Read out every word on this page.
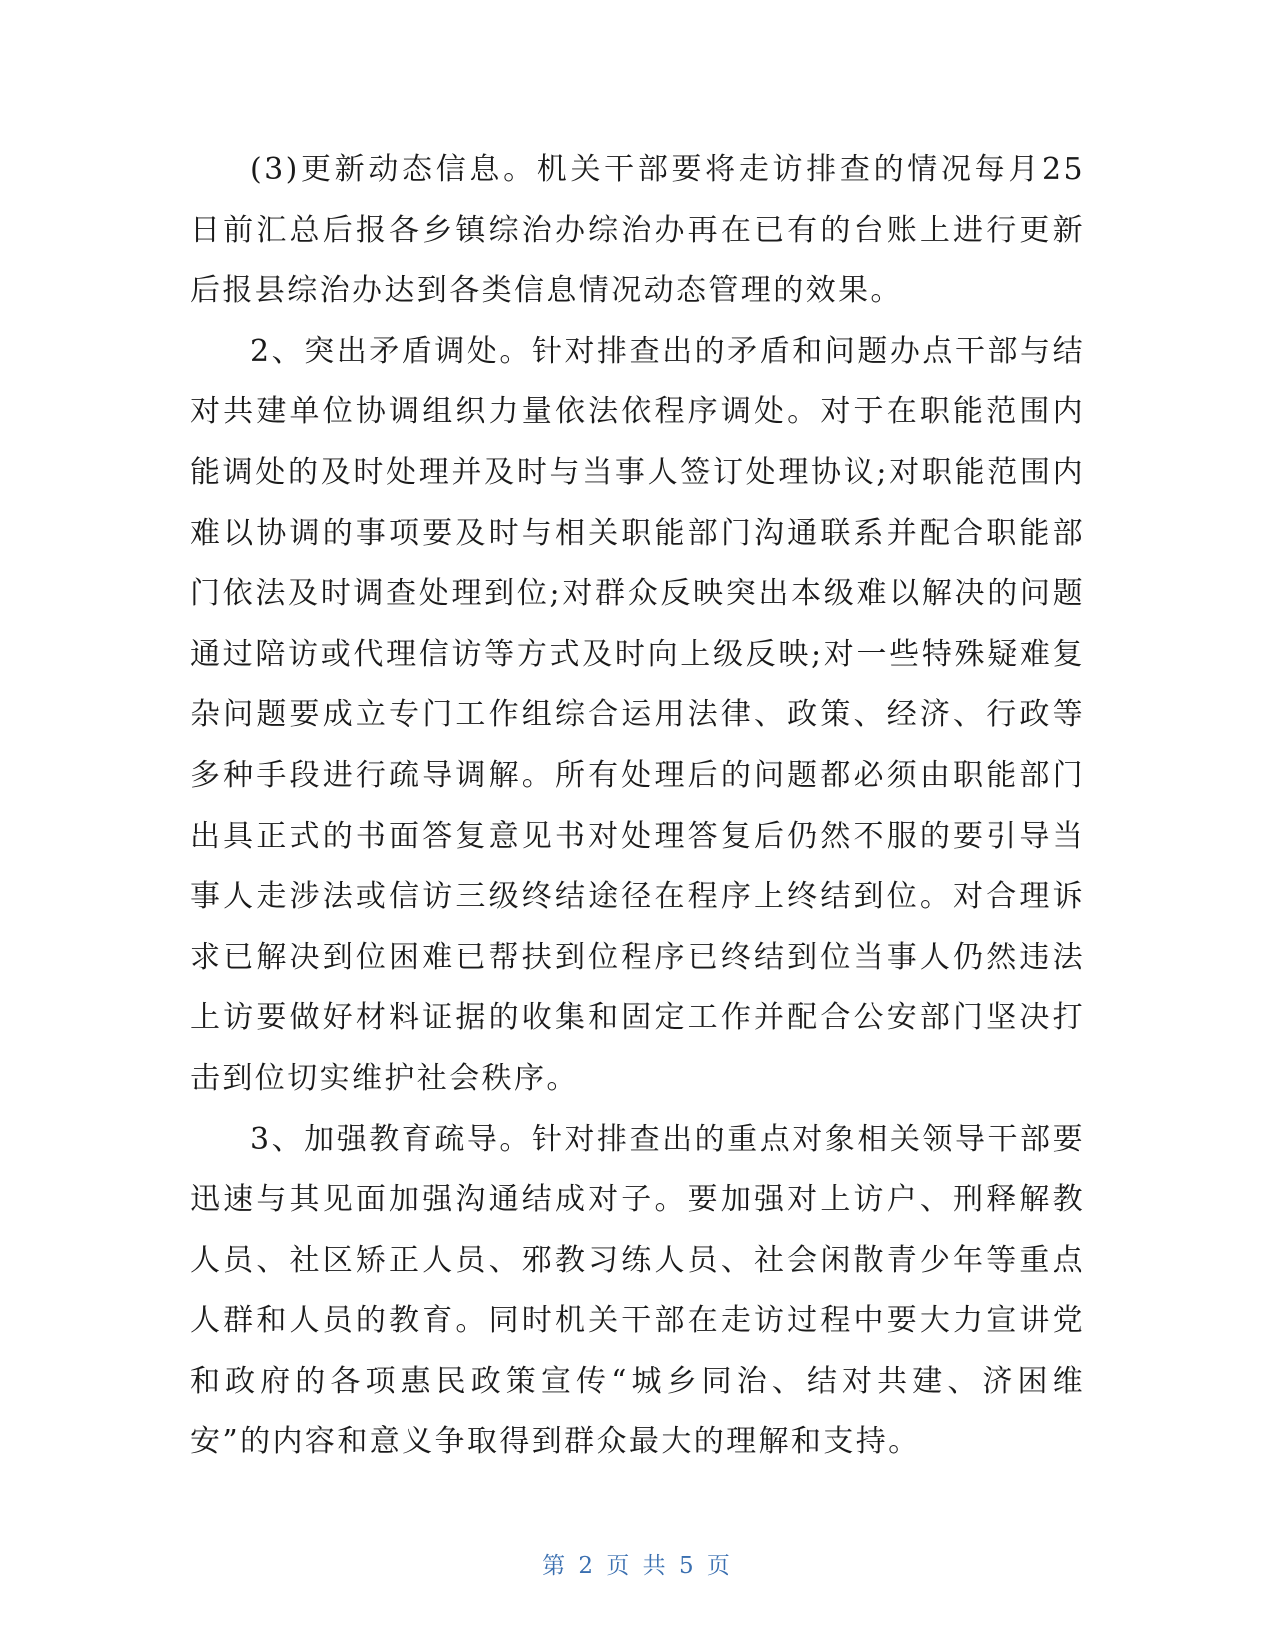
(3)更新动态信息。机关干部要将走访排查的情况每月25日前汇总后报各乡镇综治办综治办再在已有的台账上进行更新后报县综治办达到各类信息情况动态管理的效果。

2、突出矛盾调处。针对排查出的矛盾和问题办点干部与结对共建单位协调组织力量依法依程序调处。对于在职能范围内能调处的及时处理并及时与当事人签订处理协议;对职能范围内难以协调的事项要及时与相关职能部门沟通联系并配合职能部门依法及时调查处理到位;对群众反映突出本级难以解决的问题通过陪访或代理信访等方式及时向上级反映;对一些特殊疑难复杂问题要成立专门工作组综合运用法律、政策、经济、行政等多种手段进行疏导调解。所有处理后的问题都必须由职能部门出具正式的书面答复意见书对处理答复后仍然不服的要引导当事人走涉法或信访三级终结途径在程序上终结到位。对合理诉求已解决到位困难已帮扶到位程序已终结到位当事人仍然违法上访要做好材料证据的收集和固定工作并配合公安部门坚决打击到位切实维护社会秩序。

3、加强教育疏导。针对排查出的重点对象相关领导干部要迅速与其见面加强沟通结成对子。要加强对上访户、刑释解教人员、社区矫正人员、邪教习练人员、社会闲散青少年等重点人群和人员的教育。同时机关干部在走访过程中要大力宣讲党和政府的各项惠民政策宣传“城乡同治、结对共建、济困维安”的内容和意义争取得到群众最大的理解和支持。

第 2 页 共 5 页
